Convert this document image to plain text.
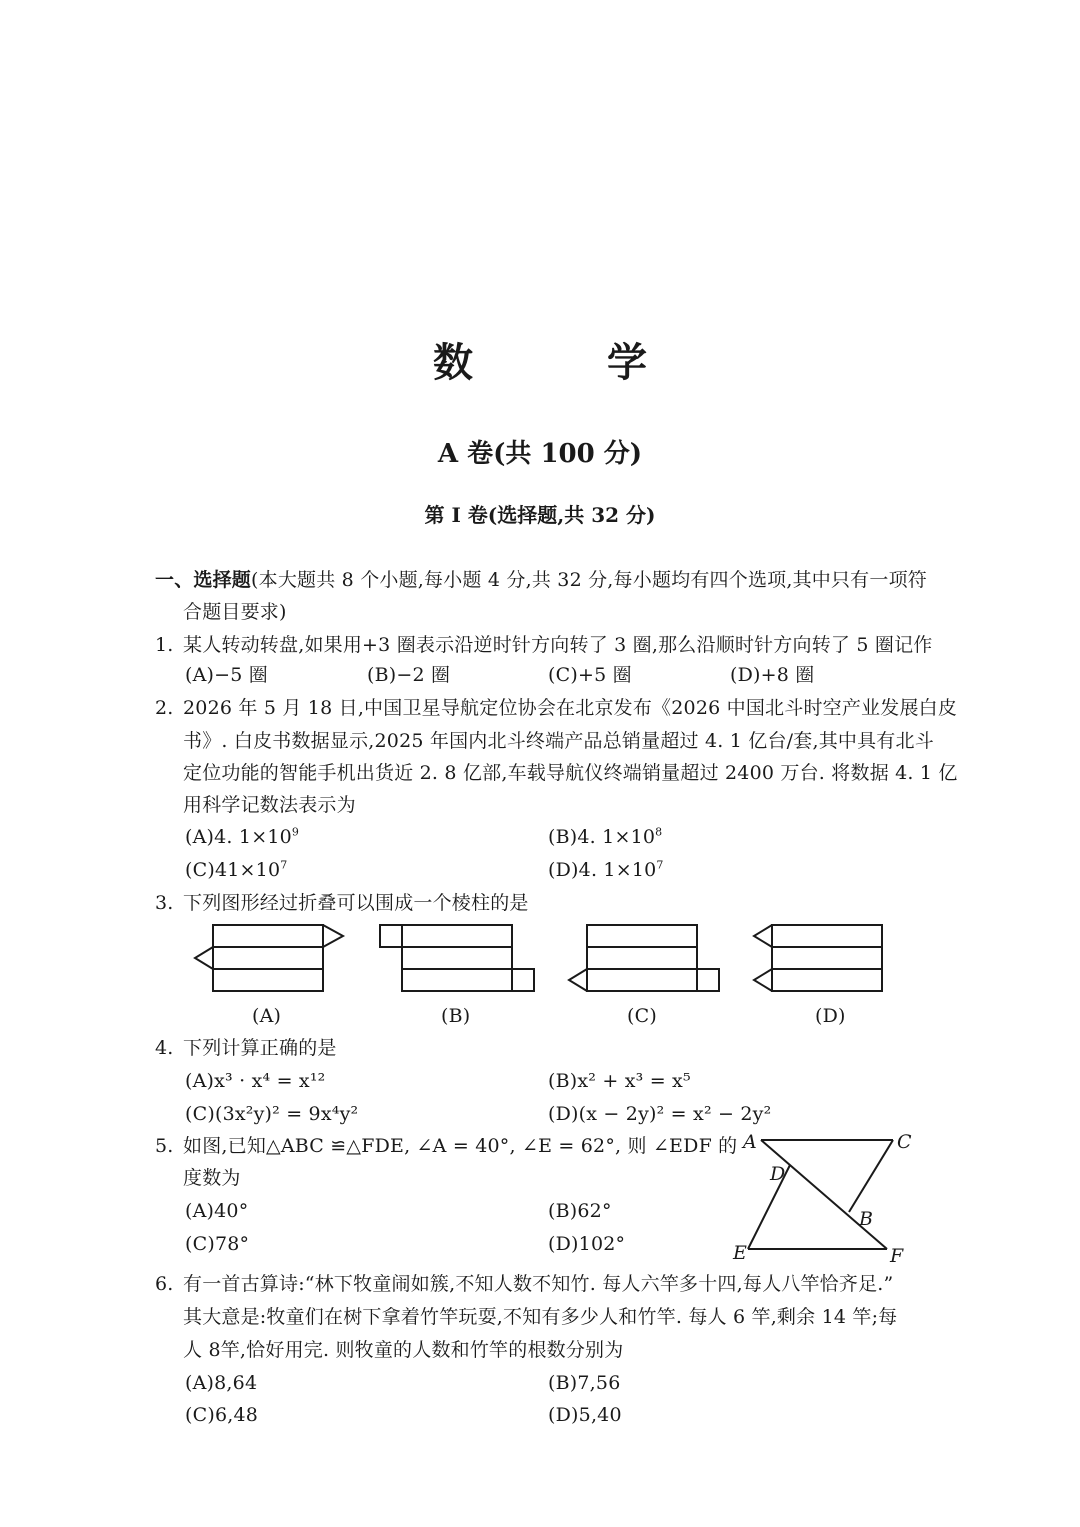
数 学
A 卷(共 100 分)
第 I 卷(选择题,共 32 分)
一、选择题(本大题共 8 个小题,每小题 4 分,共 32 分,每小题均有四个选项,其中只有一项符
合题目要求)
1. 某人转动转盘,如果用+3 圈表示沿逆时针方向转了 3 圈,那么沿顺时针方向转了 5 圈记作
(A)−5 圈	(B)−2 圈	(C)+5 圈	(D)+8 圈
2. 2026 年 5 月 18 日,中国卫星导航定位协会在北京发布《2026 中国北斗时空产业发展白皮
书》. 白皮书数据显示,2025 年国内北斗终端产品总销量超过 4. 1 亿台/套,其中具有北斗
定位功能的智能手机出货近 2. 8 亿部,车载导航仪终端销量超过 2400 万台. 将数据 4. 1 亿
用科学记数法表示为
(A)4. $1\times 10^9$	(B)4. $1\times 10^8$
$(C)41\times 10^7$	(D)4. $1\times 10^7$
3. 下列图形经过折叠可以围成一个棱柱的是
(A)	(B)	(C)	(D)
4. 下列计算正确的是
(A)x³ · x⁴ = x¹²	(B)x² + x³ = x⁵
(C)(3x²y)² = 9x⁴y²	(D)(x − 2y)² = x² − 2y²
5. 如图,已知△ABC ≌△FDE, ∠A = 40°, ∠E = 62°, 则 ∠EDF 的
度数为
(A)40°	(B)62°
(C)78°	(D)102°
A	C
D
B
E	F
6. 有一首古算诗:“林下牧童闹如簇,不知人数不知竹. 每人六竿多十四,每人八竿恰齐足.”
其大意是:牧童们在树下拿着竹竿玩耍,不知有多少人和竹竿. 每人 6 竿,剩余 14 竿;每
人 8竿,恰好用完. 则牧童的人数和竹竿的根数分别为
(A)8,64	(B)7,56
(C)6,48	(D)5,40
